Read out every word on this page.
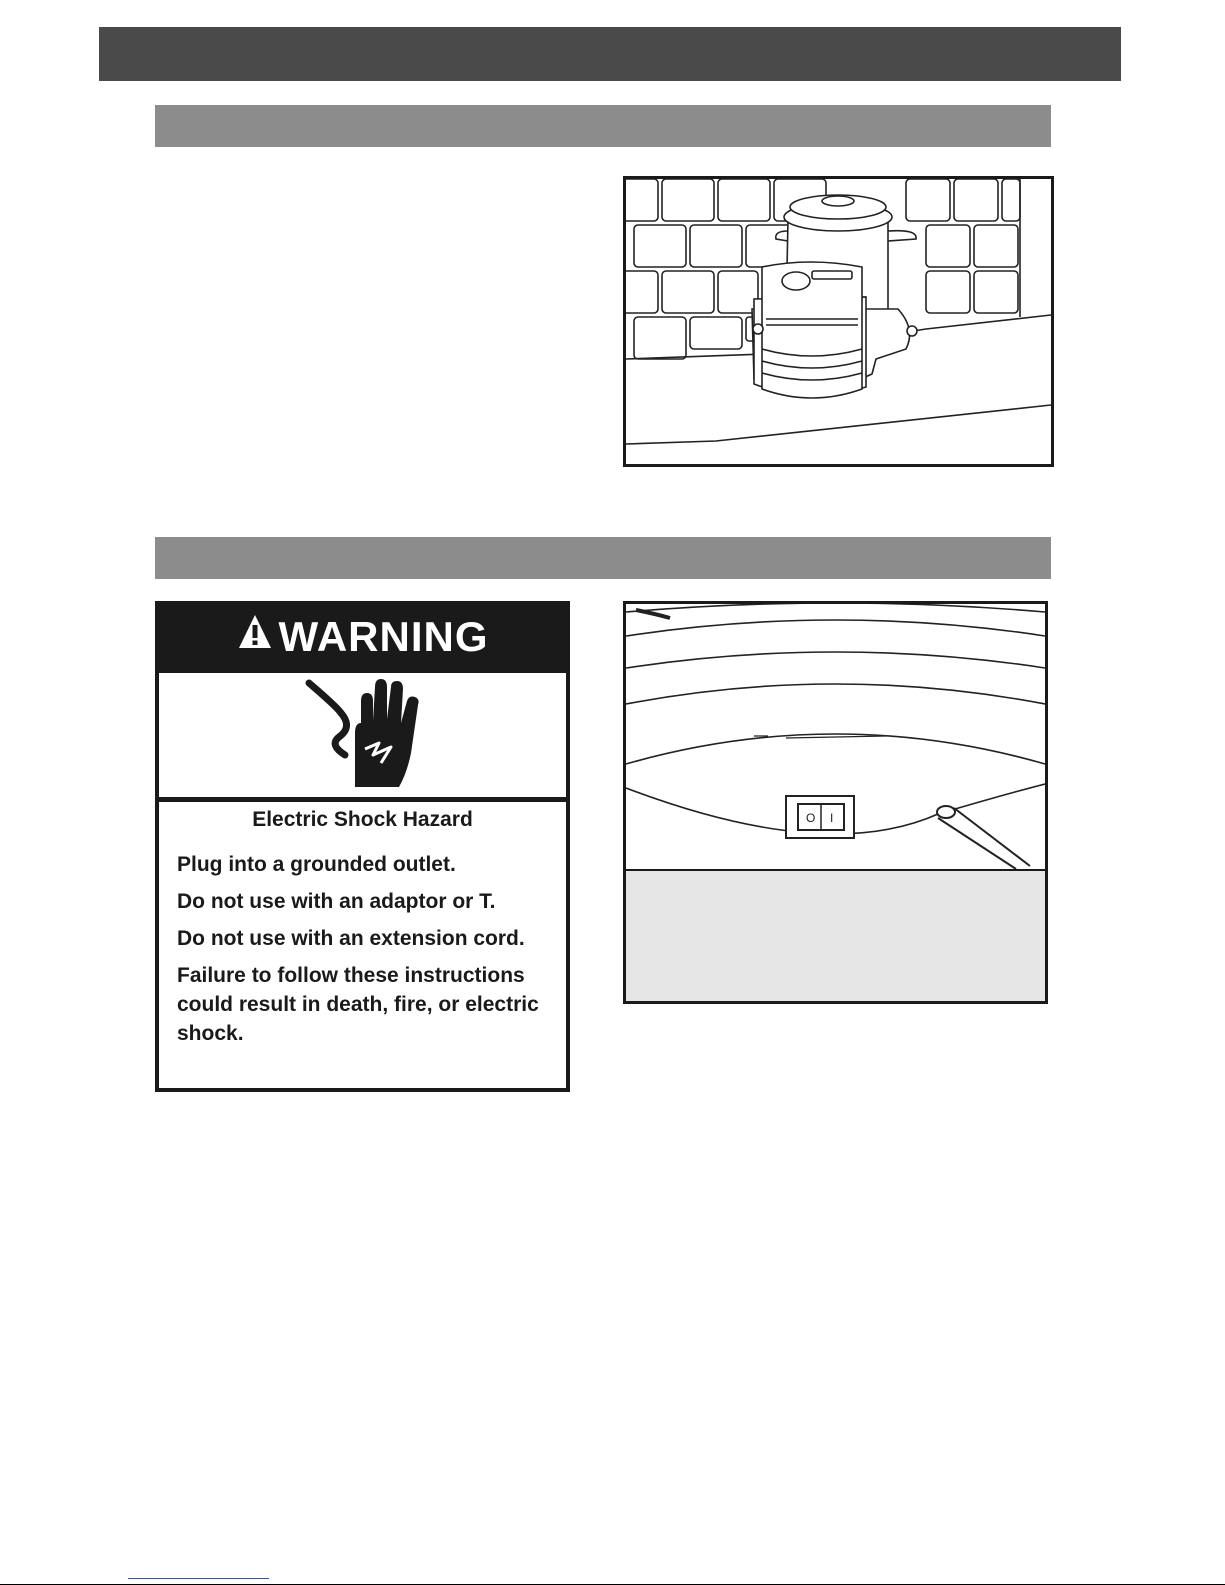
WARNING

Electric Shock Hazard

Plug into a grounded outlet.

Do not use with an adaptor or T.

Do not use with an extension cord.

Failure to follow these instructions could result in death, fire, or electric shock.

O I
